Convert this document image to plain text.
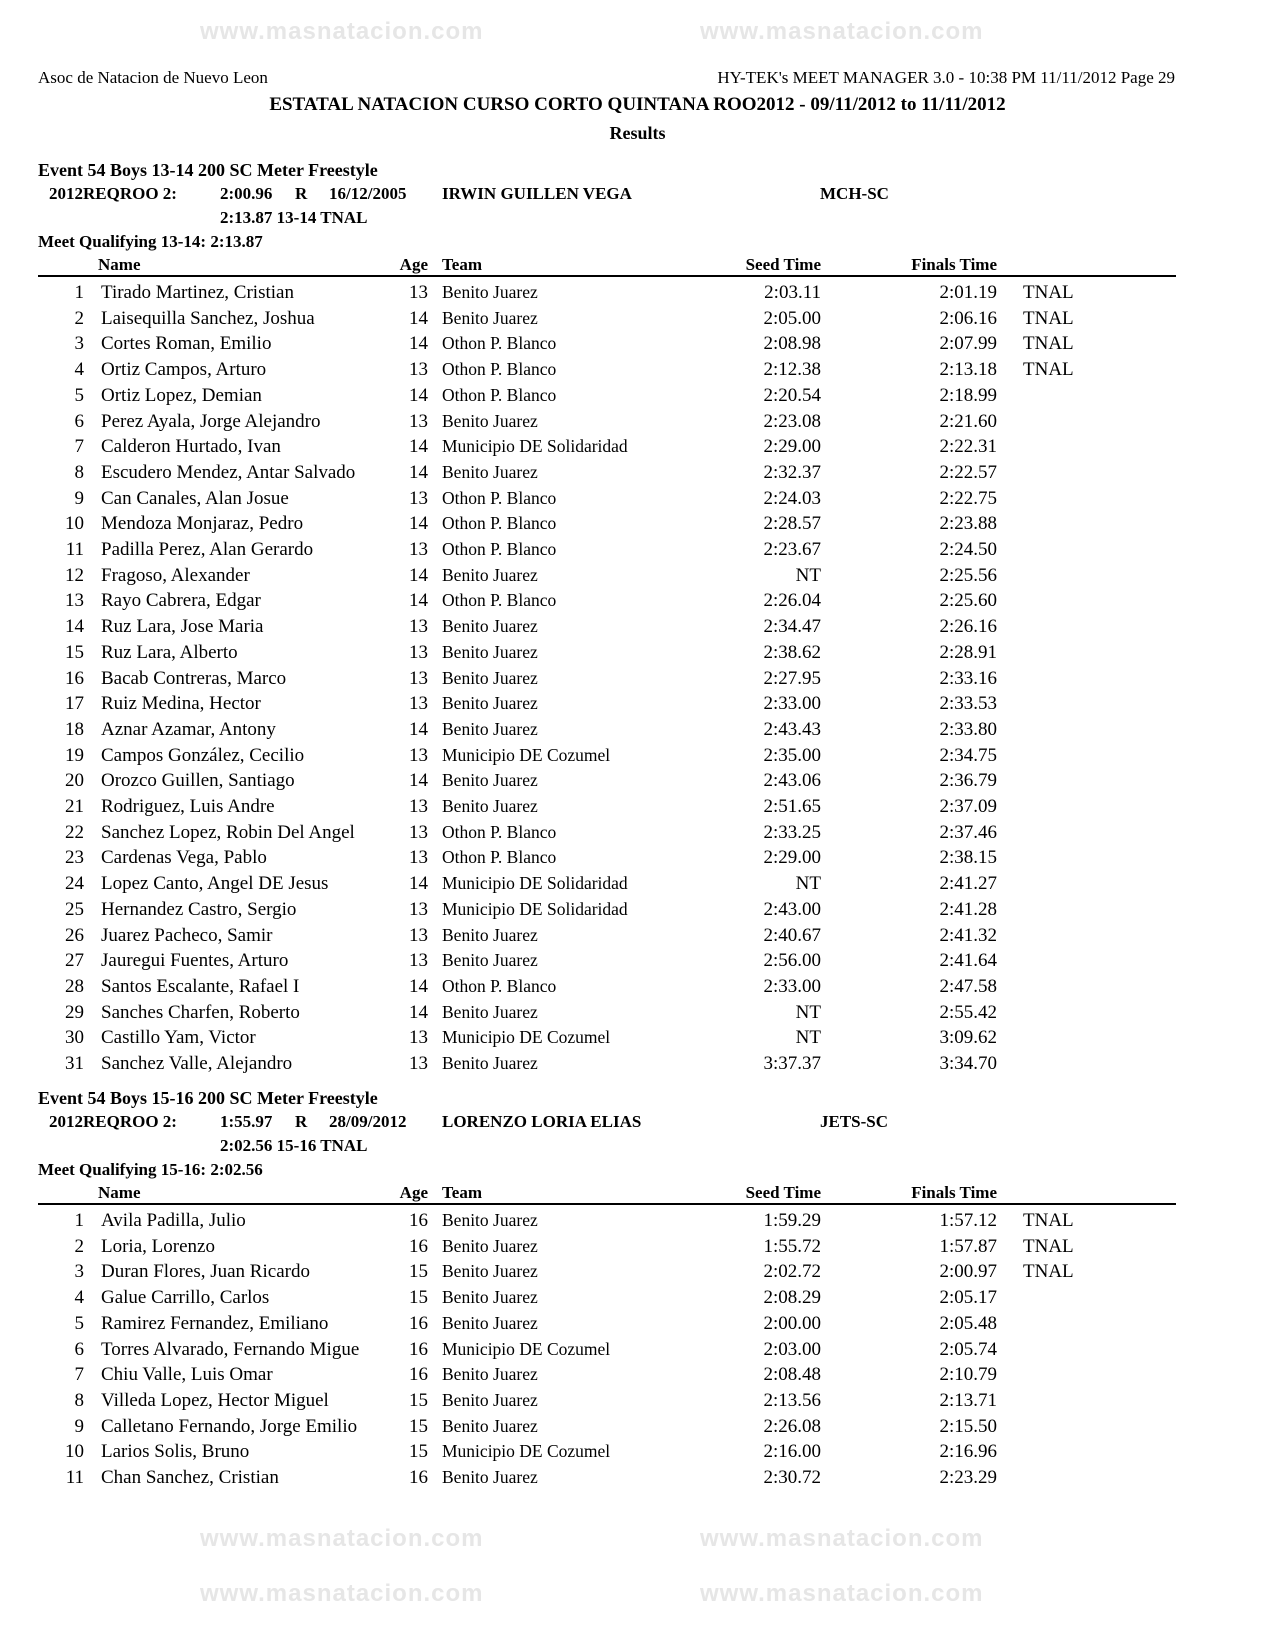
Asoc de Natacion de Nuevo Leon	HY-TEK's MEET MANAGER 3.0 - 10:38 PM 11/11/2012 Page 29
ESTATAL NATACION CURSO CORTO QUINTANA ROO2012 - 09/11/2012 to 11/11/2012
Results
www.masnatacion.com	www.masnatacion.com
www.masnatacion.com	www.masnatacion.com
www.masnatacion.com	www.masnatacion.com
Event 54 Boys 13-14 200 SC Meter Freestyle
2012REQROO 2:	2:00.96 R 16/12/2005 IRWIN GUILLEN VEGA	MCH-SC
2:13.87 13-14 TNAL
Meet Qualifying 13-14: 2:13.87
Name	Age Team	Seed Time	Finals Time
1 Tirado Martinez, Cristian	13 Benito Juarez	2:03.11	2:01.19 TNAL
2 Laisequilla Sanchez, Joshua	14 Benito Juarez	2:05.00	2:06.16 TNAL
3 Cortes Roman, Emilio	14 Othon P. Blanco	2:08.98	2:07.99 TNAL
4 Ortiz Campos, Arturo	13 Othon P. Blanco	2:12.38	2:13.18 TNAL
5 Ortiz Lopez, Demian	14 Othon P. Blanco	2:20.54	2:18.99
6 Perez Ayala, Jorge Alejandro	13 Benito Juarez	2:23.08	2:21.60
7 Calderon Hurtado, Ivan	14 Municipio DE Solidaridad	2:29.00	2:22.31
8 Escudero Mendez, Antar Salvado	14 Benito Juarez	2:32.37	2:22.57
9 Can Canales, Alan Josue	13 Othon P. Blanco	2:24.03	2:22.75
10 Mendoza Monjaraz, Pedro	14 Othon P. Blanco	2:28.57	2:23.88
11 Padilla Perez, Alan Gerardo	13 Othon P. Blanco	2:23.67	2:24.50
12 Fragoso, Alexander	14 Benito Juarez	NT	2:25.56
13 Rayo Cabrera, Edgar	14 Othon P. Blanco	2:26.04	2:25.60
14 Ruz Lara, Jose Maria	13 Benito Juarez	2:34.47	2:26.16
15 Ruz Lara, Alberto	13 Benito Juarez	2:38.62	2:28.91
16 Bacab Contreras, Marco	13 Benito Juarez	2:27.95	2:33.16
17 Ruiz Medina, Hector	13 Benito Juarez	2:33.00	2:33.53
18 Aznar Azamar, Antony	14 Benito Juarez	2:43.43	2:33.80
19 Campos González, Cecilio	13 Municipio DE Cozumel	2:35.00	2:34.75
20 Orozco Guillen, Santiago	14 Benito Juarez	2:43.06	2:36.79
21 Rodriguez, Luis Andre	13 Benito Juarez	2:51.65	2:37.09
22 Sanchez Lopez, Robin Del Angel	13 Othon P. Blanco	2:33.25	2:37.46
23 Cardenas Vega, Pablo	13 Othon P. Blanco	2:29.00	2:38.15
24 Lopez Canto, Angel DE Jesus	14 Municipio DE Solidaridad	NT	2:41.27
25 Hernandez Castro, Sergio	13 Municipio DE Solidaridad	2:43.00	2:41.28
26 Juarez Pacheco, Samir	13 Benito Juarez	2:40.67	2:41.32
27 Jauregui Fuentes, Arturo	13 Benito Juarez	2:56.00	2:41.64
28 Santos Escalante, Rafael I	14 Othon P. Blanco	2:33.00	2:47.58
29 Sanches Charfen, Roberto	14 Benito Juarez	NT	2:55.42
30 Castillo Yam, Victor	13 Municipio DE Cozumel	NT	3:09.62
31 Sanchez Valle, Alejandro	13 Benito Juarez	3:37.37	3:34.70
Event 54 Boys 15-16 200 SC Meter Freestyle
2012REQROO 2:	1:55.97 R 28/09/2012 LORENZO LORIA ELIAS	JETS-SC
2:02.56 15-16 TNAL
Meet Qualifying 15-16: 2:02.56
Name	Age Team	Seed Time	Finals Time
1 Avila Padilla, Julio	16 Benito Juarez	1:59.29	1:57.12 TNAL
2 Loria, Lorenzo	16 Benito Juarez	1:55.72	1:57.87 TNAL
3 Duran Flores, Juan Ricardo	15 Benito Juarez	2:02.72	2:00.97 TNAL
4 Galue Carrillo, Carlos	15 Benito Juarez	2:08.29	2:05.17
5 Ramirez Fernandez, Emiliano	16 Benito Juarez	2:00.00	2:05.48
6 Torres Alvarado, Fernando Migue	16 Municipio DE Cozumel	2:03.00	2:05.74
7 Chiu Valle, Luis Omar	16 Benito Juarez	2:08.48	2:10.79
8 Villeda Lopez, Hector Miguel	15 Benito Juarez	2:13.56	2:13.71
9 Calletano Fernando, Jorge Emilio	15 Benito Juarez	2:26.08	2:15.50
10 Larios Solis, Bruno	15 Municipio DE Cozumel	2:16.00	2:16.96
11 Chan Sanchez, Cristian	16 Benito Juarez	2:30.72	2:23.29
